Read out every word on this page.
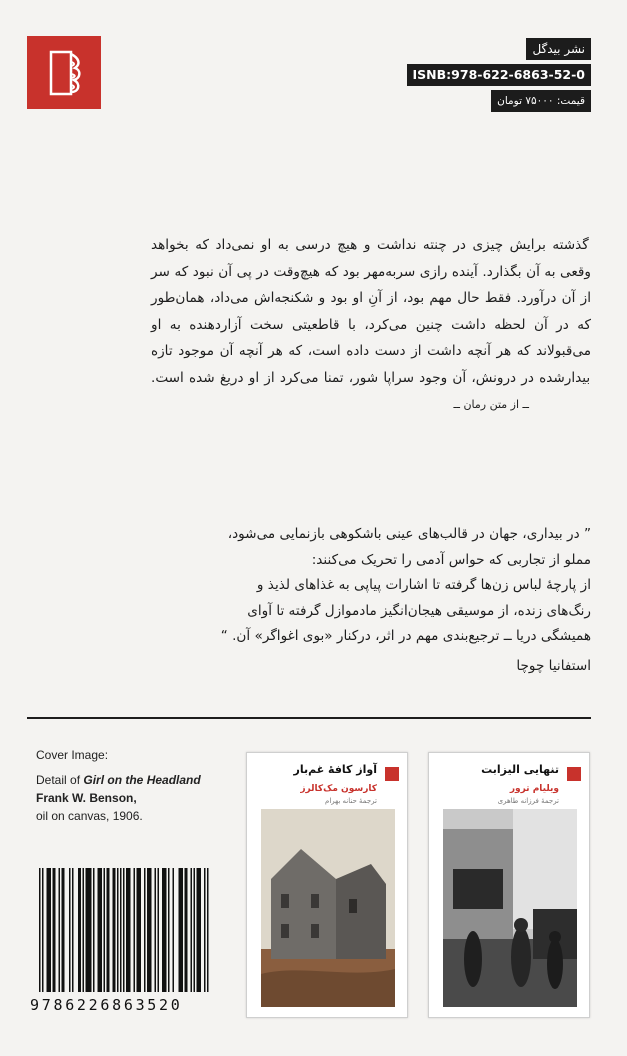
نشر بیدگل
ISNB:978-622-6863-52-0
قیمت: ۷۵۰۰۰ تومان

گذشته برایش چیزی در چنته نداشت و هیچ درسی به او نمی‌داد که بخواهد وقعی به آن بگذارد. آینده رازی سربه‌مهر بود که هیچ‌وقت در پی آن نبود که سر از آن درآورد. فقط حال مهم بود، از آنِ او بود و شکنجه‌اش می‌داد، همان‌طور که در آن لحظه داشت چنین می‌کرد، با قاطعیتی سخت آزاردهنده به او می‌قبولاند که هر آنچه داشت از دست داده است، که هر آنچه آن موجود تازه بیدارشده در درونش، آن وجود سراپا شور، تمنا می‌کرد از او دریغ شده است. ــ از متن رمان ــ

” در بیداری، جهان در قالب‌های عینی باشکوهی بازنمایی می‌شود،
مملو از تجاربی که حواس آدمی را تحریک می‌کنند:
از پارچهٔ لباس زن‌ها گرفته تا اشارات پیاپی به غذاهای لذیذ و
رنگ‌های زنده، از موسیقی هیجان‌انگیز مادموازل گرفته تا آوای
همیشگی دریا ــ ترجیع‌بندی مهم در اثر، درکنار «بوی اغواگر» آن. “
استفانیا چوچا
Cover Image:
Detail of Girl on the Headland
Frank W. Benson,
oil on canvas, 1906.
9786226863520
آواز کافهٔ غم‌بار
کارسون مک‌کالرز
ترجمهٔ حنانه بهرام
تنهایی الیزابت
ویلیام ترور
ترجمهٔ فرزانه طاهری
